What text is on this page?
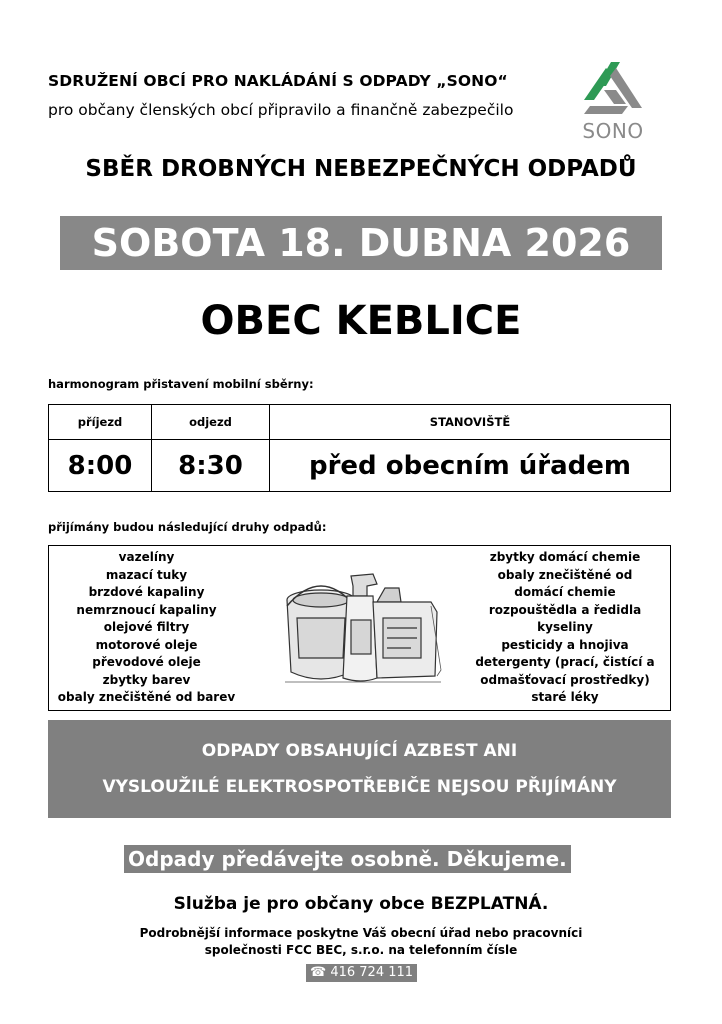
SDRUŽENÍ OBCÍ PRO NAKLÁDÁNÍ S ODPADY „SONO“
pro občany členských obcí připravilo a finančně zabezpečilo
SONO
SBĚR DROBNÝCH NEBEZPEČNÝCH ODPADŮ
SOBOTA 18. DUBNA 2026
OBEC KEBLICE
harmonogram přistavení mobilní sběrny:
příjezd	odjezd	STANOVIŠTĚ
8:00	8:30	před obecním úřadem
přijímány budou následující druhy odpadů:
vazelíny
mazací tuky
brzdové kapaliny
nemrznoucí kapaliny
olejové filtry
motorové oleje
převodové oleje
zbytky barev
obaly znečištěné od barev
zbytky domácí chemie
obaly znečištěné od
domácí chemie
rozpouštědla a ředidla
kyseliny
pesticidy a hnojiva
detergenty (prací, čistící a
odmašťovací prostředky)
staré léky
ODPADY OBSAHUJÍCÍ AZBEST ANI
VYSLOUŽILÉ ELEKTROSPOTŘEBIČE NEJSOU PŘIJÍMÁNY
Odpady předávejte osobně. Děkujeme.
Služba je pro občany obce BEZPLATNÁ.
Podrobnější informace poskytne Váš obecní úřad nebo pracovníci
společnosti FCC BEC, s.r.o. na telefonním čísle
☎ 416 724 111
